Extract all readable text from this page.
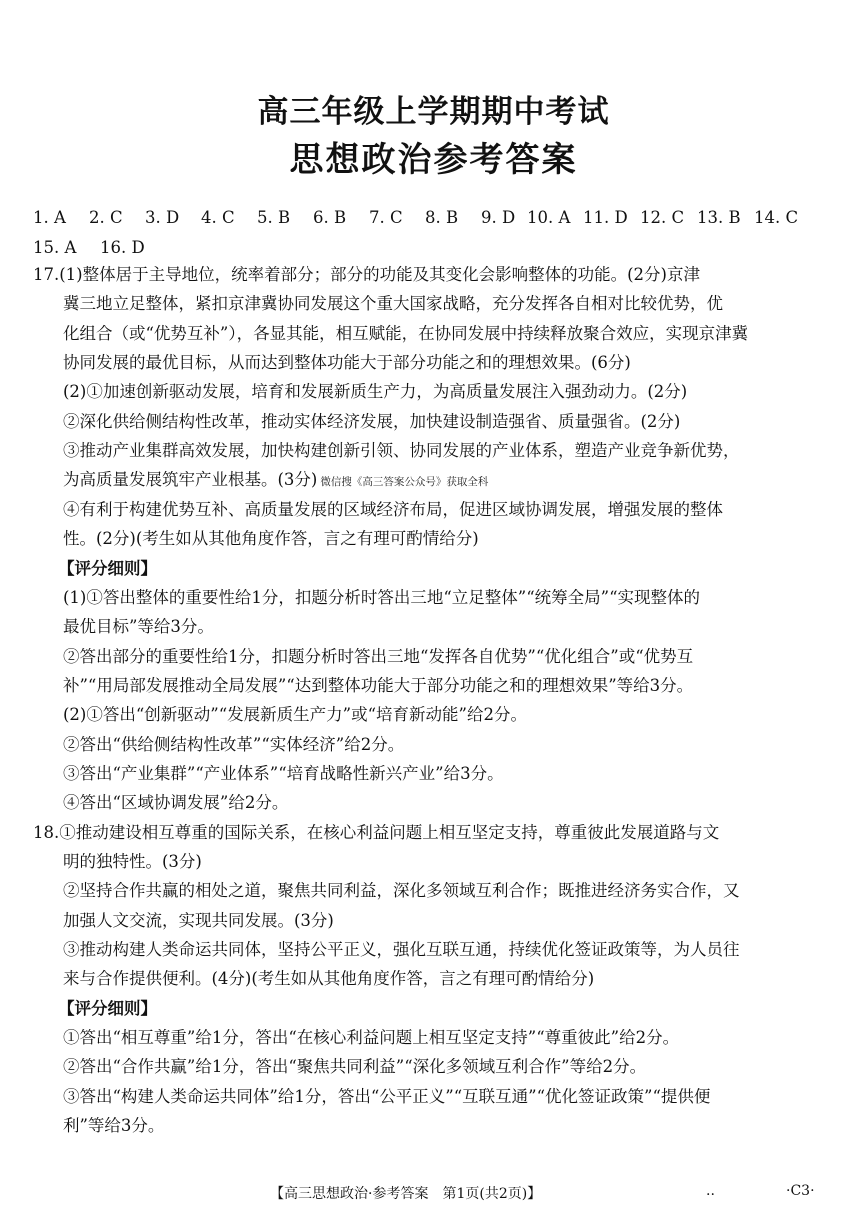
高三年级上学期期中考试
思想政治参考答案
1. A 2. C 3. D 4. C 5. B 6. B 7. C 8. B 9. D 10. A 11. D 12. C 13. B 14. C
15. A 16. D
17.(1)整体居于主导地位，统率着部分；部分的功能及其变化会影响整体的功能。(2分)京津
冀三地立足整体，紧扣京津冀协同发展这个重大国家战略，充分发挥各自相对比较优势，优
化组合（或“优势互补”），各显其能，相互赋能，在协同发展中持续释放聚合效应，实现京津冀
协同发展的最优目标，从而达到整体功能大于部分功能之和的理想效果。(6分)
(2)①加速创新驱动发展，培育和发展新质生产力，为高质量发展注入强劲动力。(2分)
②深化供给侧结构性改革，推动实体经济发展，加快建设制造强省、质量强省。(2分)
③推动产业集群高效发展，加快构建创新引领、协同发展的产业体系，塑造产业竞争新优势，
为高质量发展筑牢产业根基。(3分) 微信搜《高三答案公众号》获取全科
④有利于构建优势互补、高质量发展的区域经济布局，促进区域协调发展，增强发展的整体
性。(2分)(考生如从其他角度作答，言之有理可酌情给分)
【评分细则】
(1)①答出整体的重要性给1分，扣题分析时答出三地“立足整体”“统筹全局”“实现整体的
最优目标”等给3分。
②答出部分的重要性给1分，扣题分析时答出三地“发挥各自优势”“优化组合”或“优势互
补”“用局部发展推动全局发展”“达到整体功能大于部分功能之和的理想效果”等给3分。
(2)①答出“创新驱动”“发展新质生产力”或“培育新动能”给2分。
②答出“供给侧结构性改革”“实体经济”给2分。
③答出“产业集群”“产业体系”“培育战略性新兴产业”给3分。
④答出“区域协调发展”给2分。
18.①推动建设相互尊重的国际关系，在核心利益问题上相互坚定支持，尊重彼此发展道路与文
明的独特性。(3分)
②坚持合作共赢的相处之道，聚焦共同利益，深化多领域互利合作；既推进经济务实合作，又
加强人文交流，实现共同发展。(3分)
③推动构建人类命运共同体，坚持公平正义，强化互联互通，持续优化签证政策等，为人员往
来与合作提供便利。(4分)(考生如从其他角度作答，言之有理可酌情给分)
【评分细则】
①答出“相互尊重”给1分，答出“在核心利益问题上相互坚定支持”“尊重彼此”给2分。
②答出“合作共赢”给1分，答出“聚焦共同利益”“深化多领域互利合作”等给2分。
③答出“构建人类命运共同体”给1分，答出“公平正义”“互联互通”“优化签证政策”“提供便
利”等给3分。
【高三思想政治·参考答案　第1页(共2页)】	..	·C3·
